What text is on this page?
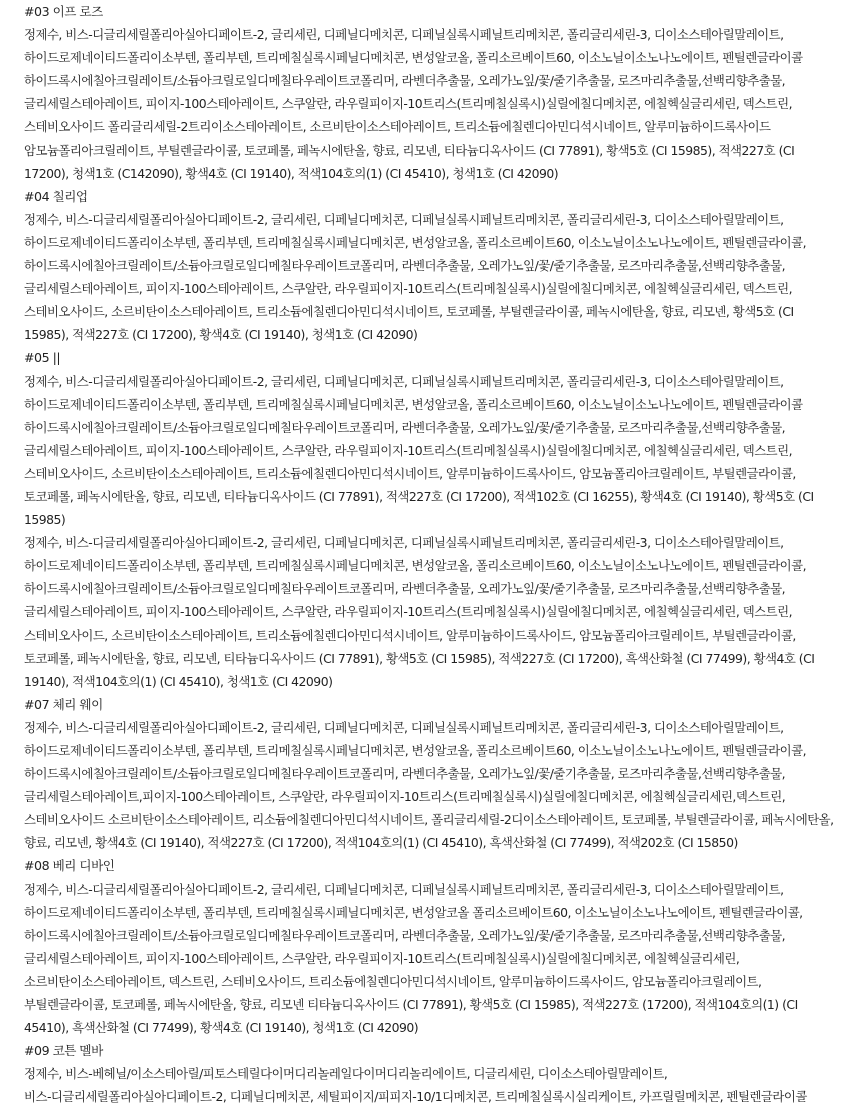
#03 이프 로즈
정제수, 비스-디글리세릴폴리아실아디페이트-2, 글리세린, 디페닐디메치콘, 디페닐실록시페닐트리메치콘, 폴리글리세린-3, 디이소스테아릴말레이트,
하이드로제네이티드폴리이소부텐, 폴리부텐, 트리메칠실록시페닐디메치콘, 변성알코올, 폴리소르베이트60, 이소노닐이소노나노에이트, 펜틸렌글라이콜
하이드록시에칠아크릴레이트/소듐아크릴로일디메칠타우레이트코폴리머, 라벤더추출물, 오레가노잎/꽃/줄기추출물, 로즈마리추출물,선백리향추출물,
글리세릴스테아레이트, 피이지-100스테아레이트, 스쿠알란, 라우릴피이지-10트리스(트리메칠실록시)실릴에칠디메치콘, 에칠헥실글리세린, 덱스트린,
스테비오사이드 폴리글리세릴-2트리이소스테아레이트, 소르비탄이소스테아레이트, 트리소듐에칠렌디아민디석시네이트, 알루미늄하이드록사이드
암모늄폴리아크릴레이트, 부틸렌글라이콜, 토코페롤, 페녹시에탄올, 향료, 리모넨, 티타늄디옥사이드 (CI 77891), 황색5호 (CI 15985), 적색227호 (CI
17200), 청색1호 (C142090), 황색4호 (CI 19140), 적색104호의(1) (CI 45410), 청색1호 (CI 42090)
#04 칠리업
정제수, 비스-디글리세릴폴리아실아디페이트-2, 글리세린, 디페닐디메치콘, 디페닐실록시페닐트리메치콘, 폴리글리세린-3, 디이소스테아릴말레이트,
하이드로제네이티드폴리이소부텐, 폴리부텐, 트리메칠실록시페닐디메치콘, 변성알코올, 폴리소르베이트60, 이소노닐이소노나노에이트, 펜틸렌글라이콜,
하이드록시에칠아크릴레이트/소듐아크릴로일디메칠타우레이트코폴리머, 라벤더추출물, 오레가노잎/꽃/줄기추출물, 로즈마리추출물,선백리향추출물,
글리세릴스테아레이트, 피이지-100스테아레이트, 스쿠알란, 라우릴피이지-10트리스(트리메칠실록시)실릴에칠디메치콘, 에칠헥실글리세린, 덱스트린,
스테비오사이드, 소르비탄이소스테아레이트, 트리소듐에칠렌디아민디석시네이트, 토코페롤, 부틸렌글라이콜, 페녹시에탄올, 향료, 리모넨, 황색5호 (CI
15985), 적색227호 (CI 17200), 황색4호 (CI 19140), 청색1호 (CI 42090)
#05 ||
정제수, 비스-디글리세릴폴리아실아디페이트-2, 글리세린, 디페닐디메치콘, 디페닐실록시페닐트리메치콘, 폴리글리세린-3, 디이소스테아릴말레이트,
하이드로제네이티드폴리이소부텐, 폴리부텐, 트리메칠실록시페닐디메치콘, 변성알코올, 폴리소르베이트60, 이소노닐이소노나노에이트, 펜틸렌글라이콜
하이드록시에칠아크릴레이트/소듐아크릴로일디메칠타우레이트코폴리머, 라벤더추출물, 오레가노잎/꽃/줄기추출물, 로즈마리추출물,선백리향추출물,
글리세릴스테아레이트, 피이지-100스테아레이트, 스쿠알란, 라우릴피이지-10트리스(트리메칠실록시)실릴에칠디메치콘, 에칠헥실글리세린, 덱스트린,
스테비오사이드, 소르비탄이소스테아레이트, 트리소듐에칠렌디아민디석시네이트, 알루미늄하이드록사이드, 암모늄폴리아크릴레이트, 부틸렌글라이콜,
토코페롤, 페녹시에탄올, 향료, 리모넨, 티타늄디옥사이드 (CI 77891), 적색227호 (CI 17200), 적색102호 (CI 16255), 황색4호 (CI 19140), 황색5호 (CI
15985)
정제수, 비스-디글리세릴폴리아실아디페이트-2, 글리세린, 디페닐디메치콘, 디페닐실록시페닐트리메치콘, 폴리글리세린-3, 디이소스테아릴말레이트,
하이드로제네이티드폴리이소부텐, 폴리부텐, 트리메칠실록시페닐디메치콘, 변성알코올, 폴리소르베이트60, 이소노닐이소노나노에이트, 펜틸렌글라이콜,
하이드록시에칠아크릴레이트/소듐아크릴로일디메칠타우레이트코폴리머, 라벤더추출물, 오레가노잎/꽃/줄기추출물, 로즈마리추출물,선백리향추출물,
글리세릴스테아레이트, 피이지-100스테아레이트, 스쿠알란, 라우릴피이지-10트리스(트리메칠실록시)실릴에칠디메치콘, 에칠헥실글리세린, 덱스트린,
스테비오사이드, 소르비탄이소스테아레이트, 트리소듐에칠렌디아민디석시네이트, 알루미늄하이드록사이드, 암모늄폴리아크릴레이트, 부틸렌글라이콜,
토코페롤, 페녹시에탄올, 향료, 리모넨, 티타늄디옥사이드 (CI 77891), 황색5호 (CI 15985), 적색227호 (CI 17200), 흑색산화철 (CI 77499), 황색4호 (CI
19140), 적색104호의(1) (CI 45410), 청색1호 (CI 42090)
#07 체리 웨이
정제수, 비스-디글리세릴폴리아실아디페이트-2, 글리세린, 디페닐디메치콘, 디페닐실록시페닐트리메치콘, 폴리글리세린-3, 디이소스테아릴말레이트,
하이드로제네이티드폴리이소부텐, 폴리부텐, 트리메칠실록시페닐디메치콘, 변성알코올, 폴리소르베이트60, 이소노닐이소노나노에이트, 펜틸렌글라이콜,
하이드록시에칠아크릴레이트/소듐아크릴로일디메칠타우레이트코폴리머, 라벤더추출물, 오레가노잎/꽃/줄기추출물, 로즈마리추출물,선백리향추출물,
글리세릴스테아레이트,피이지-100스테아레이트, 스쿠알란, 라우릴피이지-10트리스(트리메칠실록시)실릴에칠디메치콘, 에칠헥실글리세린,덱스트린,
스테비오사이드 소르비탄이소스테아레이트, 리소듐에칠렌디아민디석시네이트, 폴리글리세릴-2디이소스테아레이트, 토코페롤, 부틸렌글라이콜, 페녹시에탄올,
향료, 리모넨, 황색4호 (CI 19140), 적색227호 (CI 17200), 적색104호의(1) (CI 45410), 흑색산화철 (CI 77499), 적색202호 (CI 15850)
#08 베리 디바인
정제수, 비스-디글리세릴폴리아실아디페이트-2, 글리세린, 디페닐디메치콘, 디페닐실록시페닐트리메치콘, 폴리글리세린-3, 디이소스테아릴말레이트,
하이드로제네이티드폴리이소부텐, 폴리부텐, 트리메칠실록시페닐디메치콘, 변성알코올 폴리소르베이트60, 이소노닐이소노나노에이트, 펜틸렌글라이콜,
하이드록시에칠아크릴레이트/소듐아크릴로일디메칠타우레이트코폴리머, 라벤더추출물, 오레가노잎/꽃/줄기추출물, 로즈마리추출물,선백리향추출물,
글리세릴스테아레이트, 피이지-100스테아레이트, 스쿠알란, 라우릴피이지-10트리스(트리메칠실록시)실릴에칠디메치콘, 에칠헥실글리세린,
소르비탄이소스테아레이트, 덱스트린, 스테비오사이드, 트리소듐에칠렌디아민디석시네이트, 알루미늄하이드록사이드, 암모늄폴리아크릴레이트,
부틸렌글라이콜, 토코페롤, 페녹시에탄올, 향료, 리모넨 티타늄디옥사이드 (CI 77891), 황색5호 (CI 15985), 적색227호 (17200), 적색104호의(1) (CI
45410), 흑색산화철 (CI 77499), 황색4호 (CI 19140), 청색1호 (CI 42090)
#09 코튼 멜바
정제수, 비스-베헤닐/이소스테아릴/피토스테릴다이머디리놀레일다이머디리놀리에이트, 디글리세린, 디이소스테아릴말레이트,
비스-디글리세릴폴리아실아디페이트-2, 디페닐디메치콘, 세틸피이지/피피지-10/1디메치콘, 트리메칠실록시실리케이트, 카프릴릴메치콘, 펜틸렌글라이콜
